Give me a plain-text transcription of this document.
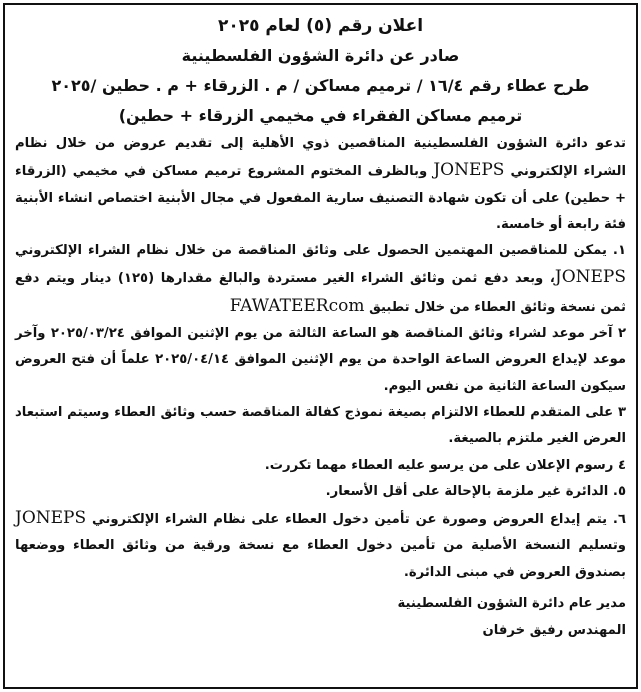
اعلان رقم (٥) لعام ٢٠٢٥
صادر عن دائرة الشؤون الفلسطينية
طرح عطاء رقم ١٦/٤ / ترميم مساكن / م . الزرقاء + م . حطين /٢٠٢٥
ترميم مساكن الفقراء في مخيمي الزرقاء + حطين)

تدعو دائرة الشؤون الفلسطينية المناقصين ذوي الأهلية إلى تقديم عروض من خلال نظام الشراء الإلكتروني JONEPS وبالظرف المختوم المشروع ترميم مساكن في مخيمي (الزرقاء + حطين) على أن تكون شهادة التصنيف سارية المفعول في مجال الأبنية اختصاص انشاء الأبنية فئة رابعة أو خامسة.

١. يمكن للمناقصين المهتمين الحصول على وثائق المناقصة من خلال نظام الشراء الإلكتروني JONEPS، وبعد دفع ثمن وثائق الشراء الغير مستردة والبالغ مقدارها (١٢٥) دينار ويتم دفع ثمن نسخة وثائق العطاء من خلال تطبيق FAWATEERcom

٢ آخر موعد لشراء وثائق المناقصة هو الساعة الثالثة من يوم الإثنين الموافق ٢٠٢٥/٠٣/٢٤ وآخر موعد لإيداع العروض الساعة الواحدة من يوم الإثنين الموافق ٢٠٢٥/٠٤/١٤ علماً أن فتح العروض سيكون الساعة الثانية من نفس اليوم.

٣ على المتقدم للعطاء الالتزام بصيغة نموذج كفالة المناقصة حسب وثائق العطاء وسيتم استبعاد العرض الغير ملتزم بالصيغة.

٤ رسوم الإعلان على من يرسو عليه العطاء مهما تكررت.

٥. الدائرة غير ملزمة بالإحالة على أقل الأسعار.

٦. يتم إيداع العروض وصورة عن تأمين دخول العطاء على نظام الشراء الإلكتروني JONEPS وتسليم النسخة الأصلية من تأمين دخول العطاء مع نسخة ورقية من وثائق العطاء ووضعها بصندوق العروض في مبنى الدائرة.

مدير عام دائرة الشؤون الفلسطينية
المهندس رفيق خرفان
